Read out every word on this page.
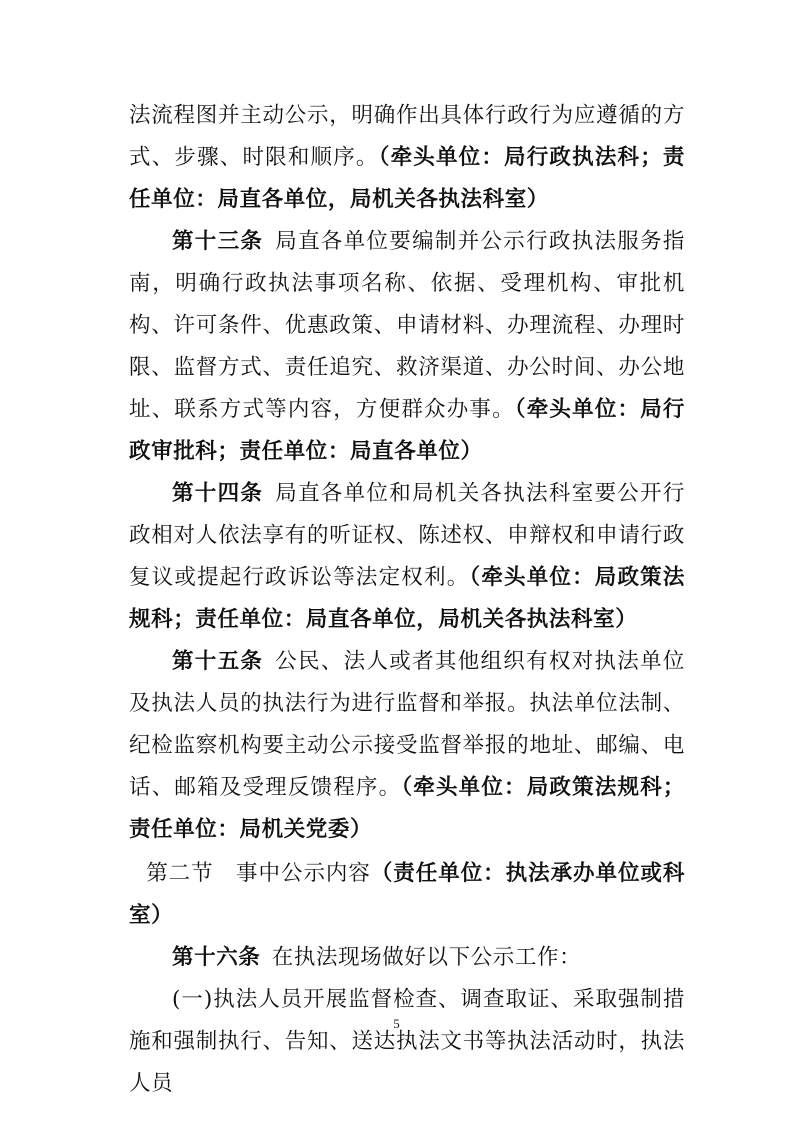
法流程图并主动公示，明确作出具体行政行为应遵循的方式、步骤、时限和顺序。（牵头单位：局行政执法科；责任单位：局直各单位，局机关各执法科室）

第十三条  局直各单位要编制并公示行政执法服务指南，明确行政执法事项名称、依据、受理机构、审批机构、许可条件、优惠政策、申请材料、办理流程、办理时限、监督方式、责任追究、救济渠道、办公时间、办公地址、联系方式等内容，方便群众办事。（牵头单位：局行政审批科；责任单位：局直各单位）

第十四条  局直各单位和局机关各执法科室要公开行政相对人依法享有的听证权、陈述权、申辩权和申请行政复议或提起行政诉讼等法定权利。（牵头单位：局政策法规科；责任单位：局直各单位，局机关各执法科室）

第十五条  公民、法人或者其他组织有权对执法单位及执法人员的执法行为进行监督和举报。执法单位法制、纪检监察机构要主动公示接受监督举报的地址、邮编、电话、邮箱及受理反馈程序。（牵头单位：局政策法规科；责任单位：局机关党委）

第二节　事中公示内容（责任单位：执法承办单位或科室）

第十六条  在执法现场做好以下公示工作：

(一)执法人员开展监督检查、调查取证、采取强制措施和强制执行、告知、送达执法文书等执法活动时，执法人员

5
